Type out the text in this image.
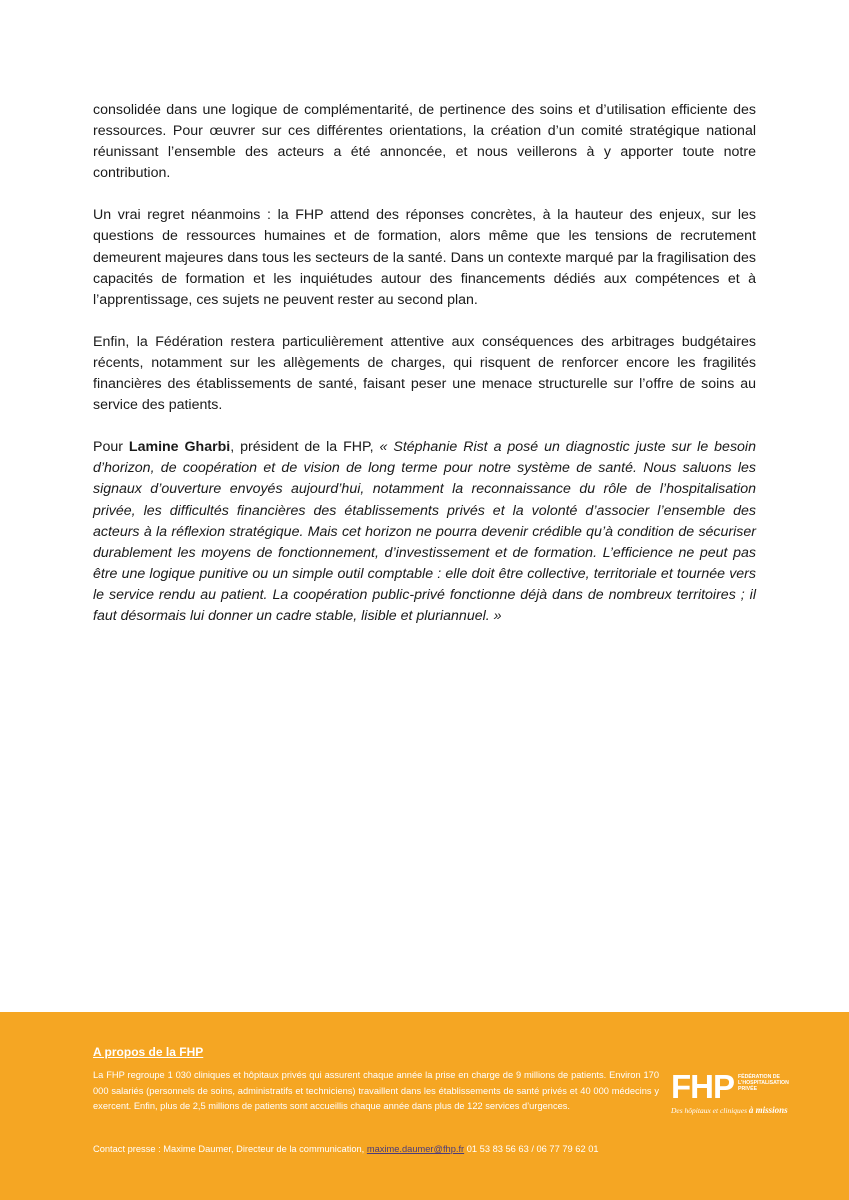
consolidée dans une logique de complémentarité, de pertinence des soins et d’utilisation efficiente des ressources. Pour œuvrer sur ces différentes orientations, la création d’un comité stratégique national réunissant l’ensemble des acteurs a été annoncée, et nous veillerons à y apporter toute notre contribution.

Un vrai regret néanmoins : la FHP attend des réponses concrètes, à la hauteur des enjeux, sur les questions de ressources humaines et de formation, alors même que les tensions de recrutement demeurent majeures dans tous les secteurs de la santé. Dans un contexte marqué par la fragilisation des capacités de formation et les inquiétudes autour des financements dédiés aux compétences et à l’apprentissage, ces sujets ne peuvent rester au second plan.

Enfin, la Fédération restera particulièrement attentive aux conséquences des arbitrages budgétaires récents, notamment sur les allègements de charges, qui risquent de renforcer encore les fragilités financières des établissements de santé, faisant peser une menace structurelle sur l’offre de soins au service des patients.

Pour Lamine Gharbi, président de la FHP, « Stéphanie Rist a posé un diagnostic juste sur le besoin d’horizon, de coopération et de vision de long terme pour notre système de santé. Nous saluons les signaux d’ouverture envoyés aujourd’hui, notamment la reconnaissance du rôle de l’hospitalisation privée, les difficultés financières des établissements privés et la volonté d’associer l’ensemble des acteurs à la réflexion stratégique. Mais cet horizon ne pourra devenir crédible qu’à condition de sécuriser durablement les moyens de fonctionnement, d’investissement et de formation. L’efficience ne peut pas être une logique punitive ou un simple outil comptable : elle doit être collective, territoriale et tournée vers le service rendu au patient. La coopération public-privé fonctionne déjà dans de nombreux territoires ; il faut désormais lui donner un cadre stable, lisible et pluriannuel. »

A propos de la FHP
La FHP regroupe 1 030 cliniques et hôpitaux privés qui assurent chaque année la prise en charge de 9 millions de patients. Environ 170 000 salariés (personnels de soins, administratifs et techniciens) travaillent dans les établissements de santé privés et 40 000 médecins y exercent. Enfin, plus de 2,5 millions de patients sont accueillis chaque année dans plus de 122 services d’urgences.
Contact presse : Maxime Daumer, Directeur de la communication, maxime.daumer@fhp.fr 01 53 83 56 63 / 06 77 79 62 01
FHP FÉDÉRATION DE L’HOSPITALISATION PRIVÉE
Des hôpitaux et cliniques à missions
